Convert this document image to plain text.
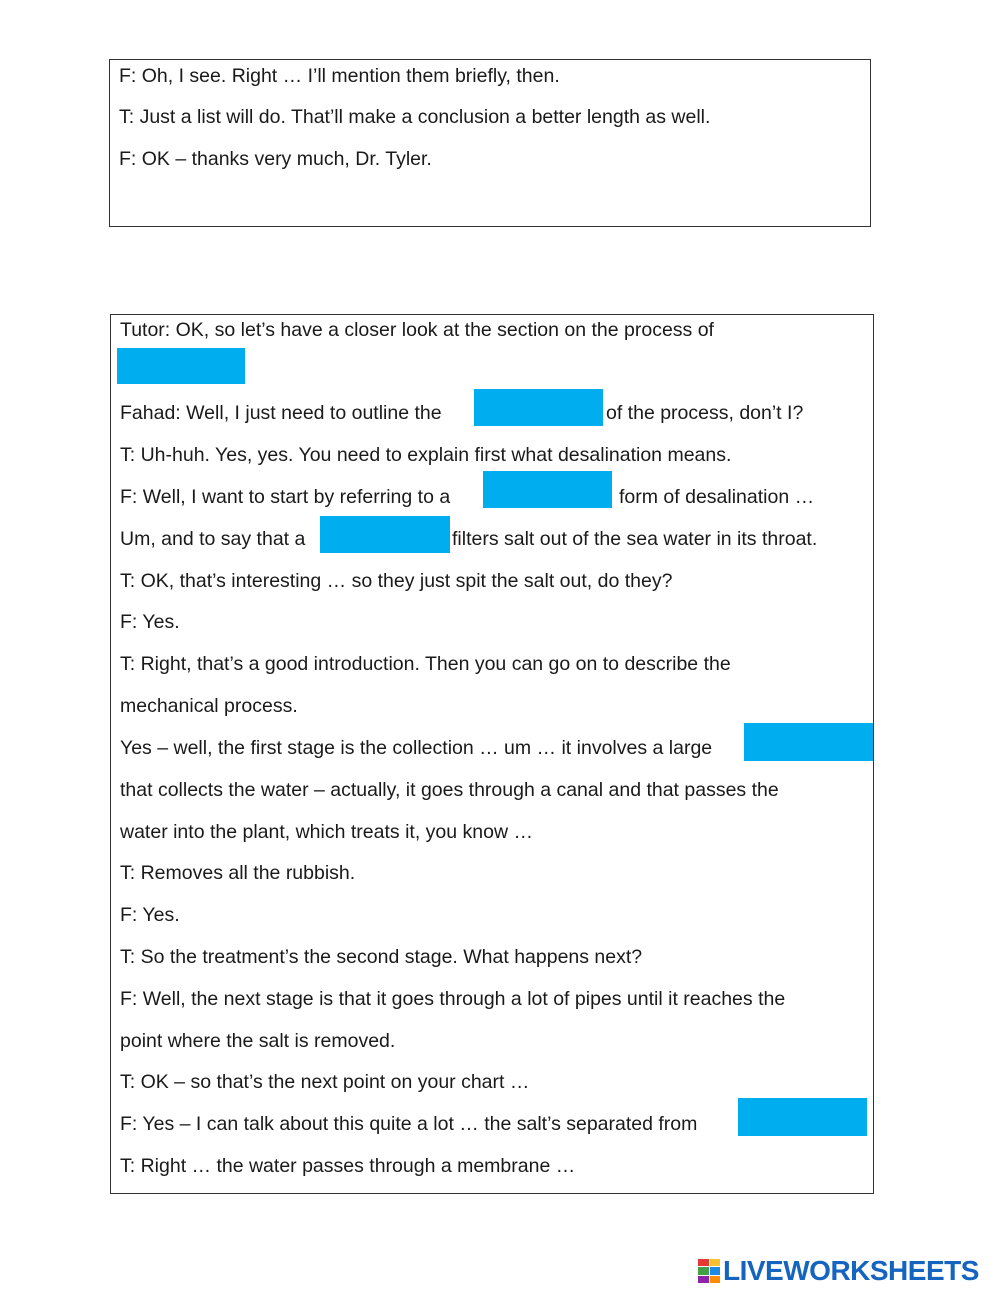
F: Oh, I see. Right … I’ll mention them briefly, then.
T: Just a list will do. That’ll make a conclusion a better length as well.
F: OK – thanks very much, Dr. Tyler.
Tutor: OK, so let’s have a closer look at the section on the process of
Fahad: Well, I just need to outline the	of the process, don’t I?
T: Uh-huh. Yes, yes. You need to explain first what desalination means.
F: Well, I want to start by referring to a	form of desalination …
Um, and to say that a	filters salt out of the sea water in its throat.
T: OK, that’s interesting … so they just spit the salt out, do they?
F: Yes.
T: Right, that’s a good introduction. Then you can go on to describe the
mechanical process.
Yes – well, the first stage is the collection … um … it involves a large
that collects the water – actually, it goes through a canal and that passes the
water into the plant, which treats it, you know …
T: Removes all the rubbish.
F: Yes.
T: So the treatment’s the second stage. What happens next?
F: Well, the next stage is that it goes through a lot of pipes until it reaches the
point where the salt is removed.
T: OK – so that’s the next point on your chart …
F: Yes – I can talk about this quite a lot … the salt’s separated from
T: Right … the water passes through a membrane …
LIVEWORKSHEETS
